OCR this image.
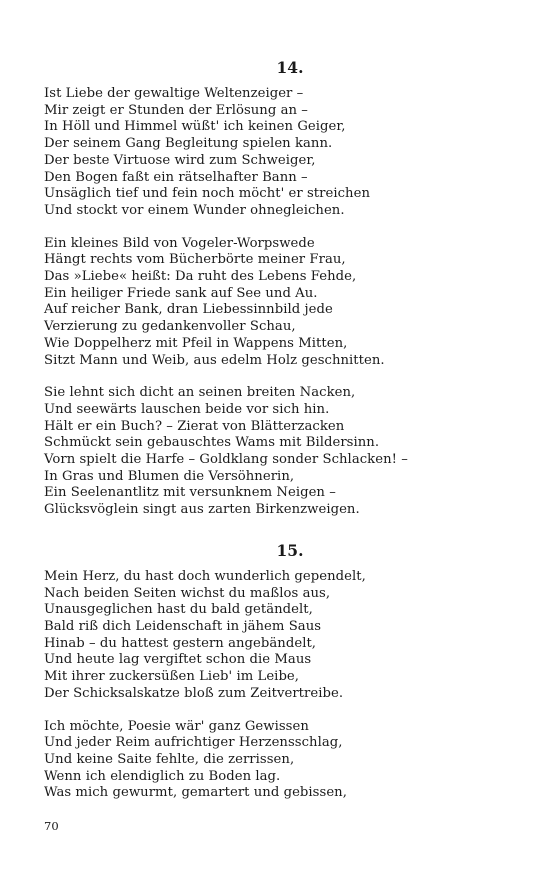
14.
Ist Liebe der gewaltige Weltenzeiger –
Mir zeigt er Stunden der Erlösung an –
In Höll und Himmel wüßt' ich keinen Geiger,
Der seinem Gang Begleitung spielen kann.
Der beste Virtuose wird zum Schweiger,
Den Bogen faßt ein rätselhafter Bann –
Unsäglich tief und fein noch möcht' er streichen
Und stockt vor einem Wunder ohnegleichen.
Ein kleines Bild von Vogeler-Worpswede
Hängt rechts vom Bücherbörte meiner Frau,
Das »Liebe« heißt: Da ruht des Lebens Fehde,
Ein heiliger Friede sank auf See und Au.
Auf reicher Bank, dran Liebessinnbild jede
Verzierung zu gedankenvoller Schau,
Wie Doppelherz mit Pfeil in Wappens Mitten,
Sitzt Mann und Weib, aus edelm Holz geschnitten.
Sie lehnt sich dicht an seinen breiten Nacken,
Und seewärts lauschen beide vor sich hin.
Hält er ein Buch? – Zierat von Blätterzacken
Schmückt sein gebauschtes Wams mit Bildersinn.
Vorn spielt die Harfe – Goldklang sonder Schlacken! –
In Gras und Blumen die Versöhnerin,
Ein Seelenantlitz mit versunknem Neigen –
Glücksvöglein singt aus zarten Birkenzweigen.
15.
Mein Herz, du hast doch wunderlich gependelt,
Nach beiden Seiten wichst du maßlos aus,
Unausgeglichen hast du bald getändelt,
Bald riß dich Leidenschaft in jähem Saus
Hinab – du hattest gestern angebändelt,
Und heute lag vergiftet schon die Maus
Mit ihrer zuckersüßen Lieb' im Leibe,
Der Schicksalskatze bloß zum Zeitvertreibe.
Ich möchte, Poesie wär' ganz Gewissen
Und jeder Reim aufrichtiger Herzensschlag,
Und keine Saite fehlte, die zerrissen,
Wenn ich elendiglich zu Boden lag.
Was mich gewurmt, gemartert und gebissen,
70
